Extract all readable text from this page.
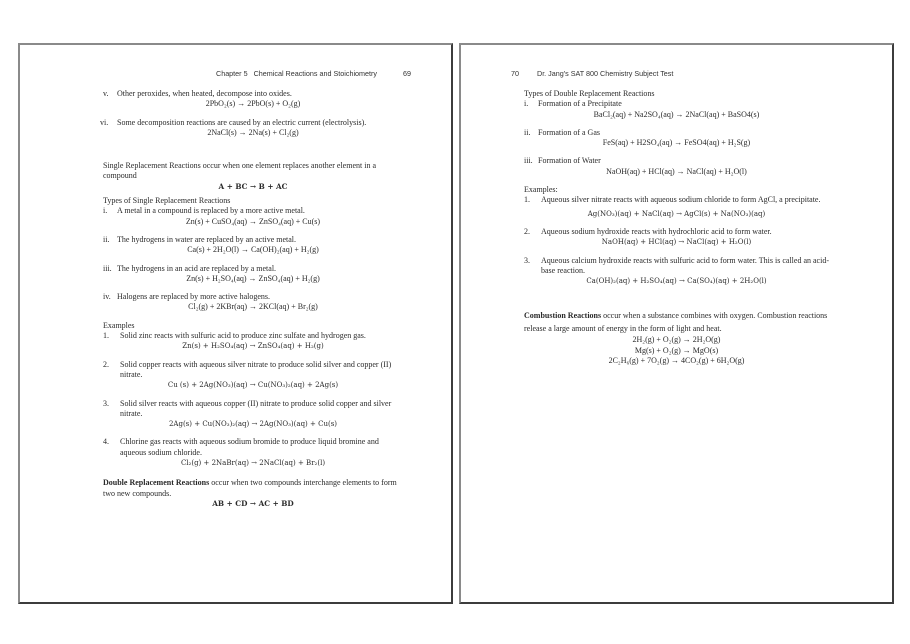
Chapter 5 Chemical Reactions and Stoichiometry	69
v. Other peroxides, when heated, decompose into oxides.

2PbO₂(s) → 2PbO(s) + O₂(g)

vi. Some decomposition reactions are caused by an electric current (electrolysis).

2NaCl(s) → 2Na(s) + Cl₂(g)

Single Replacement Reactions occur when one element replaces another element in a compound

A + BC → B + AC

Types of Single Replacement Reactions

i. A metal in a compound is replaced by a more active metal.

Zn(s) + CuSO₄(aq) → ZnSO₄(aq) + Cu(s)

ii. The hydrogens in water are replaced by an active metal.

Ca(s) + 2H₂O(l) → Ca(OH)₂(aq) + H₂(g)

iii. The hydrogens in an acid are replaced by a metal.

Zn(s) + H₂SO₄(aq) → ZnSO₄(aq) + H₂(g)

iv. Halogens are replaced by more active halogens.

Cl₂(g) + 2KBr(aq) → 2KCl(aq) + Br₂(g)

Examples

1. Solid zinc reacts with sulfuric acid to produce zinc sulfate and hydrogen gas.

Zn(s) + H₂SO₄(aq) → ZnSO₄(aq) + H₂(g)

2. Solid copper reacts with aqueous silver nitrate to produce solid silver and copper (II) nitrate.

Cu (s) + 2Ag(NO₃)(aq) → Cu(NO₃)₂(aq) + 2Ag(s)

3. Solid silver reacts with aqueous copper (II) nitrate to produce solid copper and silver nitrate.

2Ag(s) + Cu(NO₃)₂(aq) → 2Ag(NO₃)(aq) + Cu(s)

4. Chlorine gas reacts with aqueous sodium bromide to produce liquid bromine and aqueous sodium chloride.

Cl₂(g) + 2NaBr(aq) → 2NaCl(aq) + Br₂(l)

Double Replacement Reactions occur when two compounds interchange elements to form two new compounds.

AB + CD → AC + BD

70	Dr. Jang's SAT 800 Chemistry Subject Test

Types of Double Replacement Reactions

i. Formation of a Precipitate

BaCl₂(aq) + Na2SO₄(aq) → 2NaCl(aq) + BaSO4(s)

ii. Formation of a Gas

FeS(aq) + H2SO₄(aq) → FeSO4(aq) + H₂S(g)

iii. Formation of Water

NaOH(aq) + HCl(aq) → NaCl(aq) + H₂O(l)

Examples:

1. Aqueous silver nitrate reacts with aqueous sodium chloride to form AgCl, a precipitate.

Ag(NO₃)(aq) + NaCl(aq) → AgCl(s) + Na(NO₃)(aq)

2. Aqueous sodium hydroxide reacts with hydrochloric acid to form water.

NaOH(aq) + HCl(aq) → NaCl(aq) + H₂O(l)

3. Aqueous calcium hydroxide reacts with sulfuric acid to form water. This is called an acid-base reaction.

Ca(OH)₂(aq) + H₂SO₄(aq) → Ca(SO₄)(aq) + 2H₂O(l)

Combustion Reactions occur when a substance combines with oxygen. Combustion reactions release a large amount of energy in the form of light and heat.

2H₂(g) + O₂(g) → 2H₂O(g)

Mg(s) + O₂(g) → MgO(s)

2C₂H₆(g) + 7O₂(g) → 4CO₂(g) + 6H₂O(g)
